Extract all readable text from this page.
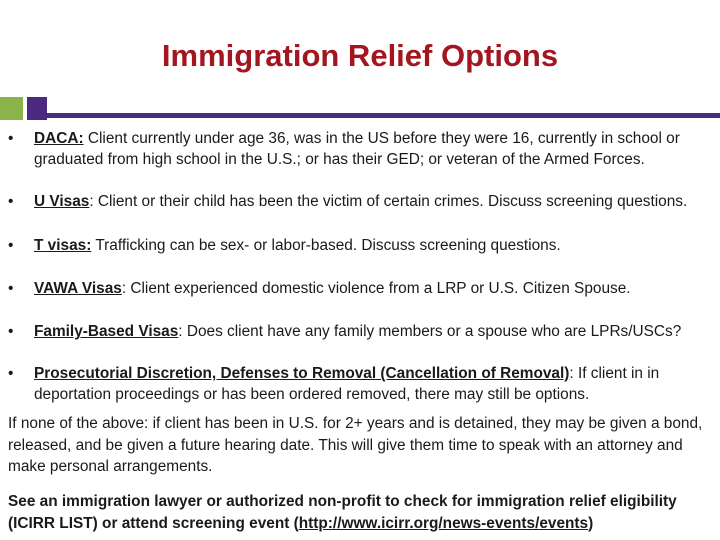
Immigration Relief Options
• DACA: Client currently under age 36, was in the US before they were 16, currently in school or graduated from high school in the U.S.; or has their GED; or veteran of the Armed Forces.
• U Visas: Client or their child has been the victim of certain crimes. Discuss screening questions.
• T visas: Trafficking can be sex- or labor-based. Discuss screening questions.
• VAWA Visas: Client experienced domestic violence from a LRP or U.S. Citizen Spouse.
• Family-Based Visas: Does client have any family members or a spouse who are LPRs/USCs?
• Prosecutorial Discretion, Defenses to Removal (Cancellation of Removal): If client in in deportation proceedings or has been ordered removed, there may still be options.

If none of the above: if client has been in U.S. for 2+ years and is detained, they may be given a bond, released, and be given a future hearing date. This will give them time to speak with an attorney and make personal arrangements.

See an immigration lawyer or authorized non-profit to check for immigration relief eligibility (ICIRR LIST) or attend screening event (http://www.icirr.org/news-events/events)
